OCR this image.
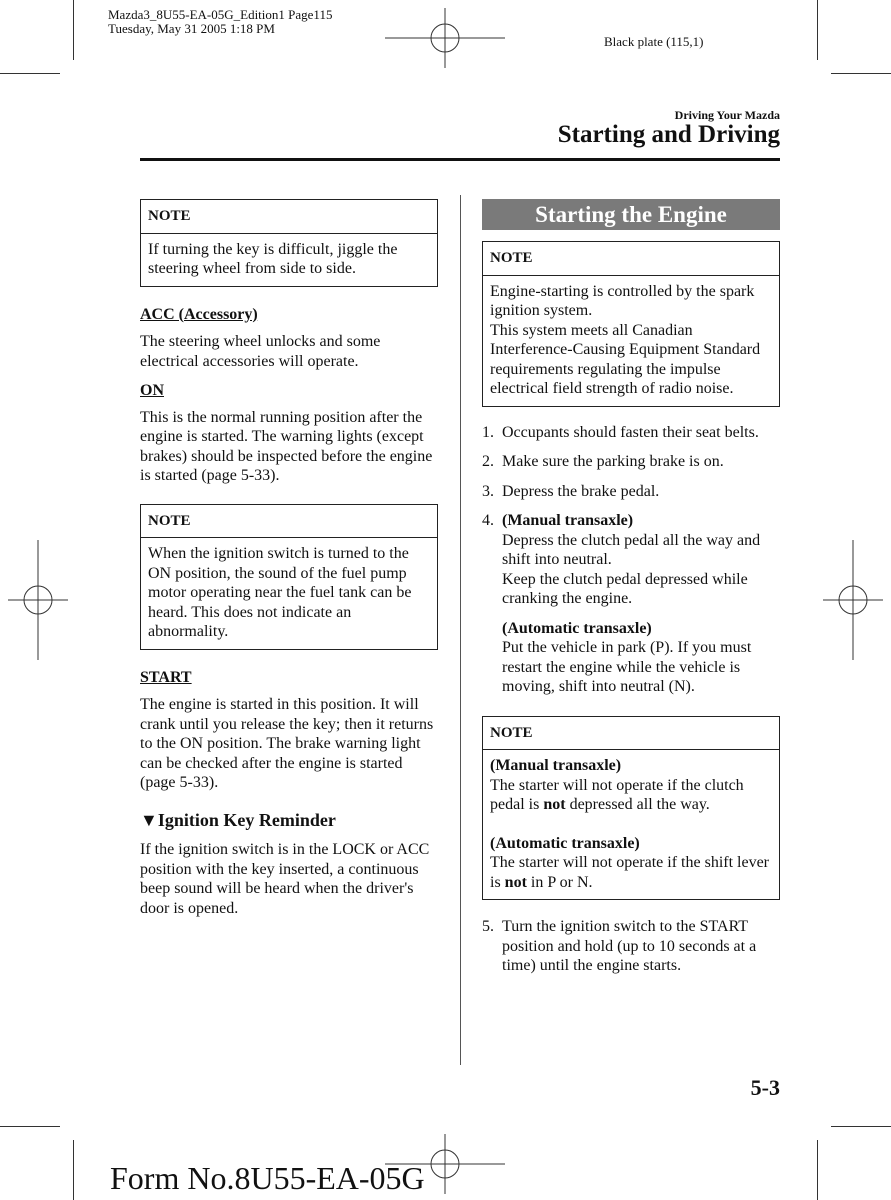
Mazda3_8U55-EA-05G_Edition1 Page115
Tuesday, May 31 2005 1:18 PM
Black plate (115,1)
Driving Your Mazda
Starting and Driving
NOTE
If turning the key is difficult, jiggle the steering wheel from side to side.
ACC (Accessory)

The steering wheel unlocks and some electrical accessories will operate.

ON

This is the normal running position after the engine is started. The warning lights (except brakes) should be inspected before the engine is started (page 5-33).

NOTE
When the ignition switch is turned to the ON position, the sound of the fuel pump motor operating near the fuel tank can be heard. This does not indicate an abnormality.
START

The engine is started in this position. It will crank until you release the key; then it returns to the ON position. The brake warning light can be checked after the engine is started (page 5-33).

▼Ignition Key Reminder

If the ignition switch is in the LOCK or ACC position with the key inserted, a continuous beep sound will be heard when the driver's door is opened.

Starting the Engine
NOTE
Engine-starting is controlled by the spark ignition system.
This system meets all Canadian Interference-Causing Equipment Standard requirements regulating the impulse electrical field strength of radio noise.
1. Occupants should fasten their seat belts.
2. Make sure the parking brake is on.
3. Depress the brake pedal.
4. (Manual transaxle)
Depress the clutch pedal all the way and shift into neutral.
Keep the clutch pedal depressed while cranking the engine.
(Automatic transaxle)
Put the vehicle in park (P). If you must restart the engine while the vehicle is moving, shift into neutral (N).
NOTE
(Manual transaxle)
The starter will not operate if the clutch pedal is not depressed all the way.
(Automatic transaxle)
The starter will not operate if the shift lever is not in P or N.
5. Turn the ignition switch to the START position and hold (up to 10 seconds at a time) until the engine starts.
5-3
Form No.8U55-EA-05G
